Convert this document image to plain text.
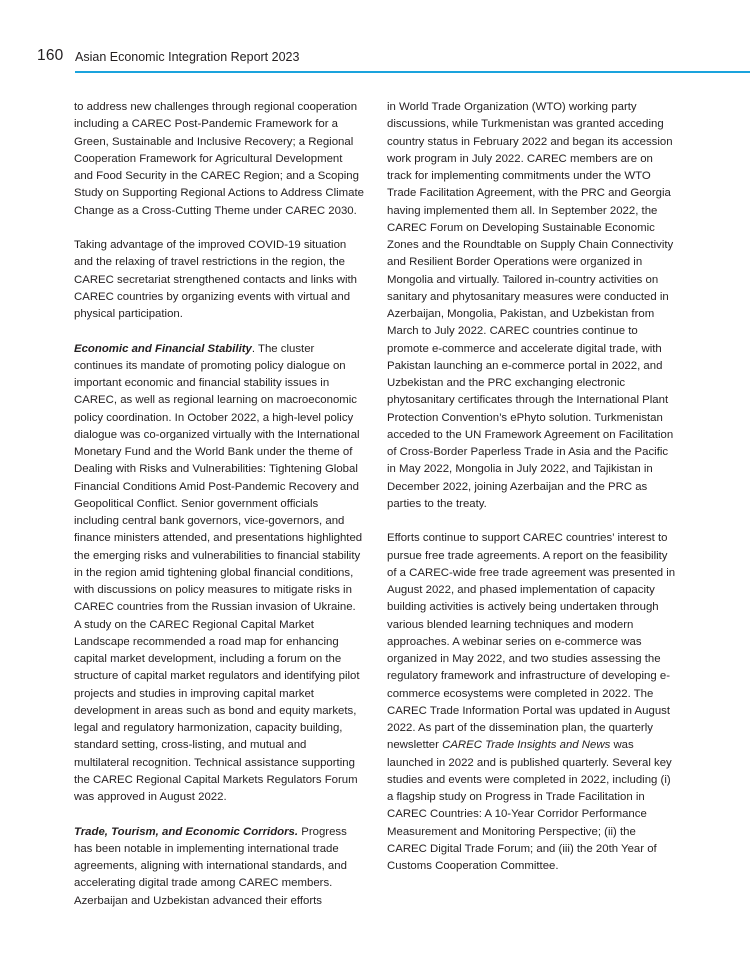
160 Asian Economic Integration Report 2023

to address new challenges through regional cooperation including a CAREC Post-Pandemic Framework for a Green, Sustainable and Inclusive Recovery; a Regional Cooperation Framework for Agricultural Development and Food Security in the CAREC Region; and a Scoping Study on Supporting Regional Actions to Address Climate Change as a Cross-Cutting Theme under CAREC 2030.

Taking advantage of the improved COVID-19 situation and the relaxing of travel restrictions in the region, the CAREC secretariat strengthened contacts and links with CAREC countries by organizing events with virtual and physical participation.

Economic and Financial Stability. The cluster continues its mandate of promoting policy dialogue on important economic and financial stability issues in CAREC, as well as regional learning on macroeconomic policy coordination. In October 2022, a high-level policy dialogue was co-organized virtually with the International Monetary Fund and the World Bank under the theme of Dealing with Risks and Vulnerabilities: Tightening Global Financial Conditions Amid Post-Pandemic Recovery and Geopolitical Conflict. Senior government officials including central bank governors, vice-governors, and finance ministers attended, and presentations highlighted the emerging risks and vulnerabilities to financial stability in the region amid tightening global financial conditions, with discussions on policy measures to mitigate risks in CAREC countries from the Russian invasion of Ukraine. A study on the CAREC Regional Capital Market Landscape recommended a road map for enhancing capital market development, including a forum on the structure of capital market regulators and identifying pilot projects and studies in improving capital market development in areas such as bond and equity markets, legal and regulatory harmonization, capacity building, standard setting, cross-listing, and mutual and multilateral recognition. Technical assistance supporting the CAREC Regional Capital Markets Regulators Forum was approved in August 2022.

Trade, Tourism, and Economic Corridors. Progress has been notable in implementing international trade agreements, aligning with international standards, and accelerating digital trade among CAREC members. Azerbaijan and Uzbekistan advanced their efforts

in World Trade Organization (WTO) working party discussions, while Turkmenistan was granted acceding country status in February 2022 and began its accession work program in July 2022. CAREC members are on track for implementing commitments under the WTO Trade Facilitation Agreement, with the PRC and Georgia having implemented them all. In September 2022, the CAREC Forum on Developing Sustainable Economic Zones and the Roundtable on Supply Chain Connectivity and Resilient Border Operations were organized in Mongolia and virtually. Tailored in-country activities on sanitary and phytosanitary measures were conducted in Azerbaijan, Mongolia, Pakistan, and Uzbekistan from March to July 2022. CAREC countries continue to promote e-commerce and accelerate digital trade, with Pakistan launching an e-commerce portal in 2022, and Uzbekistan and the PRC exchanging electronic phytosanitary certificates through the International Plant Protection Convention’s ePhyto solution. Turkmenistan acceded to the UN Framework Agreement on Facilitation of Cross-Border Paperless Trade in Asia and the Pacific in May 2022, Mongolia in July 2022, and Tajikistan in December 2022, joining Azerbaijan and the PRC as parties to the treaty.

Efforts continue to support CAREC countries’ interest to pursue free trade agreements. A report on the feasibility of a CAREC-wide free trade agreement was presented in August 2022, and phased implementation of capacity building activities is actively being undertaken through various blended learning techniques and modern approaches. A webinar series on e-commerce was organized in May 2022, and two studies assessing the regulatory framework and infrastructure of developing e-commerce ecosystems were completed in 2022. The CAREC Trade Information Portal was updated in August 2022. As part of the dissemination plan, the quarterly newsletter CAREC Trade Insights and News was launched in 2022 and is published quarterly. Several key studies and events were completed in 2022, including (i) a flagship study on Progress in Trade Facilitation in CAREC Countries: A 10-Year Corridor Performance Measurement and Monitoring Perspective; (ii) the CAREC Digital Trade Forum; and (iii) the 20th Year of Customs Cooperation Committee.
